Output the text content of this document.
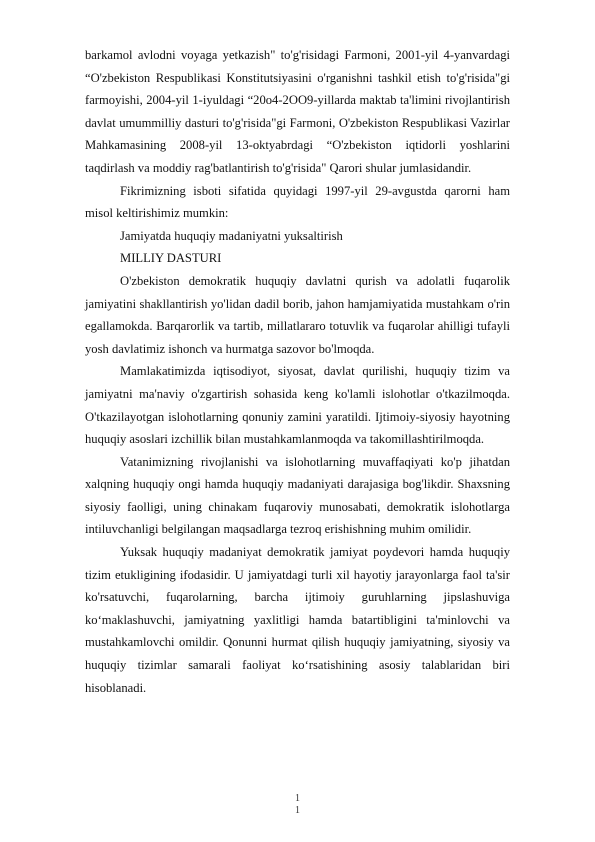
barkamol avlodni voyaga yetkazish" to'g'risidagi Farmoni, 2001-yil 4-yanvardagi “O'zbekiston Respublikasi Konstitutsiyasini o'rganishni tashkil etish to'g'risida"gi farmoyishi, 2004-yil 1-iyuldagi “20o4-2OO9-yillarda maktab ta'limini rivojlantirish davlat umummilliy dasturi to'g'risida"gi Farmoni, O'zbekiston Respublikasi Vazirlar Mahkamasining 2008-yil 13-oktyabrdagi “O'zbekiston iqtidorli yoshlarini taqdirlash va moddiy rag'batlantirish to'g'risida" Qarori shular jumlasidandir.

Fikrimizning isboti sifatida quyidagi 1997-yil 29-avgustda qarorni ham misol keltirishimiz mumkin:

Jamiyatda huquqiy madaniyatni yuksaltirish

MILLIY DASTURI

O'zbekiston demokratik huquqiy davlatni qurish va adolatli fuqarolik jamiyatini shakllantirish yo'lidan dadil borib, jahon hamjamiyatida mustahkam o'rin egallamokda. Barqarorlik va tartib, millatlararo totuvlik va fuqarolar ahilligi tufayli yosh davlatimiz ishonch va hurmatga sazovor bo'lmoqda.

Mamlakatimizda iqtisodiyot, siyosat, davlat qurilishi, huquqiy tizim va jamiyatni ma'naviy o'zgartirish sohasida keng ko'lamli islohotlar o'tkazilmoqda. O'tkazilayotgan islohotlarning qonuniy zamini yaratildi. Ijtimoiy-siyosiy hayotning huquqiy asoslari izchillik bilan mustahkamlanmoqda va takomillashtirilmoqda.

Vatanimizning rivojlanishi va islohotlarning muvaffaqiyati ko'p jihatdan xalqning huquqiy ongi hamda huquqiy madaniyati darajasiga bog'likdir. Shaxsning siyosiy faolligi, uning chinakam fuqaroviy munosabati, demokratik islohotlarga intiluvchanligi belgilangan maqsadlarga tezroq erishishning muhim omilidir.

Yuksak huquqiy madaniyat demokratik jamiyat poydevori hamda huquqiy tizim etukligining ifodasidir. U jamiyatdagi turli xil hayotiy jarayonlarga faol ta'sir ko'rsatuvchi, fuqarolarning, barcha ijtimoiy guruhlarning jipslashuviga ko‘maklashuvchi, jamiyatning yaxlitligi hamda batartibligini ta'minlovchi va mustahkamlovchi omildir. Qonunni hurmat qilish huquqiy jamiyatning, siyosiy va huquqiy tizimlar samarali faoliyat ko‘rsatishining asosiy talablaridan biri hisoblanadi.

1
1
